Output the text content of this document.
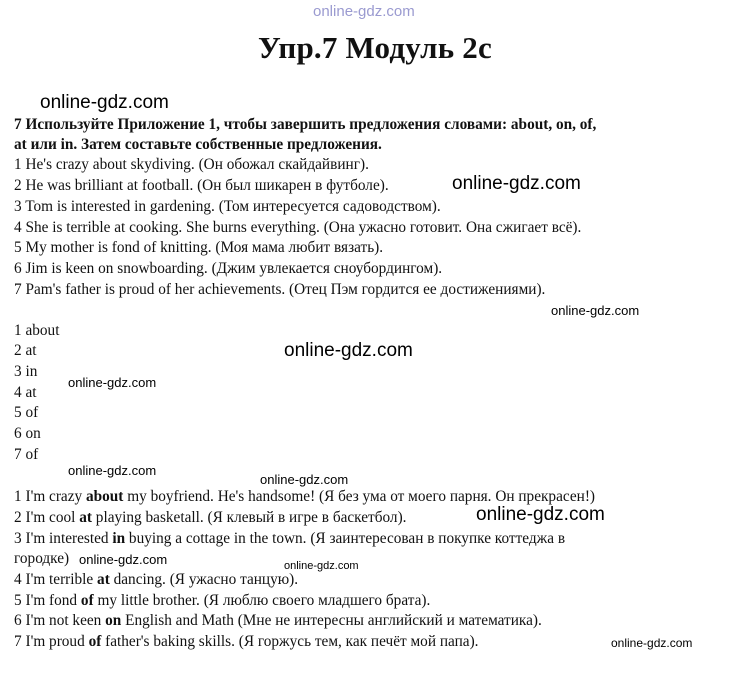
online-gdz.com
Упр.7 Модуль 2с
online-gdz.com
7 Используйте Приложение 1, чтобы завершить предложения словами: about, on, of,
at или in. Затем составьте собственные предложения.
1 He's crazy about skydiving. (Он обожал скайдайвинг).
2 He was brilliant at football. (Он был шикарен в футболе).	online-gdz.com
3 Tom is interested in gardening. (Том интересуется садоводством).
4 She is terrible at cooking. She burns everything. (Она ужасно готовит. Она сжигает всё).
5 My mother is fond of knitting. (Моя мама любит вязать).
6 Jim is keen on snowboarding. (Джим увлекается сноубордингом).
7 Pam's father is proud of her achievements. (Отец Пэм гордится ее достижениями).
online-gdz.com
1 about
2 at	online-gdz.com
3 in
online-gdz.com
4 at
5 of
6 on
7 of
online-gdz.com
online-gdz.com
1 I'm crazy about my boyfriend. He's handsome! (Я без ума от моего парня. Он прекрасен!)
2 I'm cool at playing basketall. (Я клевый в игре в баскетбол).	online-gdz.com
3 I'm interested in buying a cottage in the town. (Я заинтересован в покупке коттеджа в
городке) online-gdz.com	online-gdz.com
4 I'm terrible at dancing. (Я ужасно танцую).
5 I'm fond of my little brother. (Я люблю своего младшего брата).
6 I'm not keen on English and Math (Мне не интересны английский и математика).
7 I'm proud of father's baking skills. (Я горжусь тем, как печёт мой папа).	online-gdz.com
